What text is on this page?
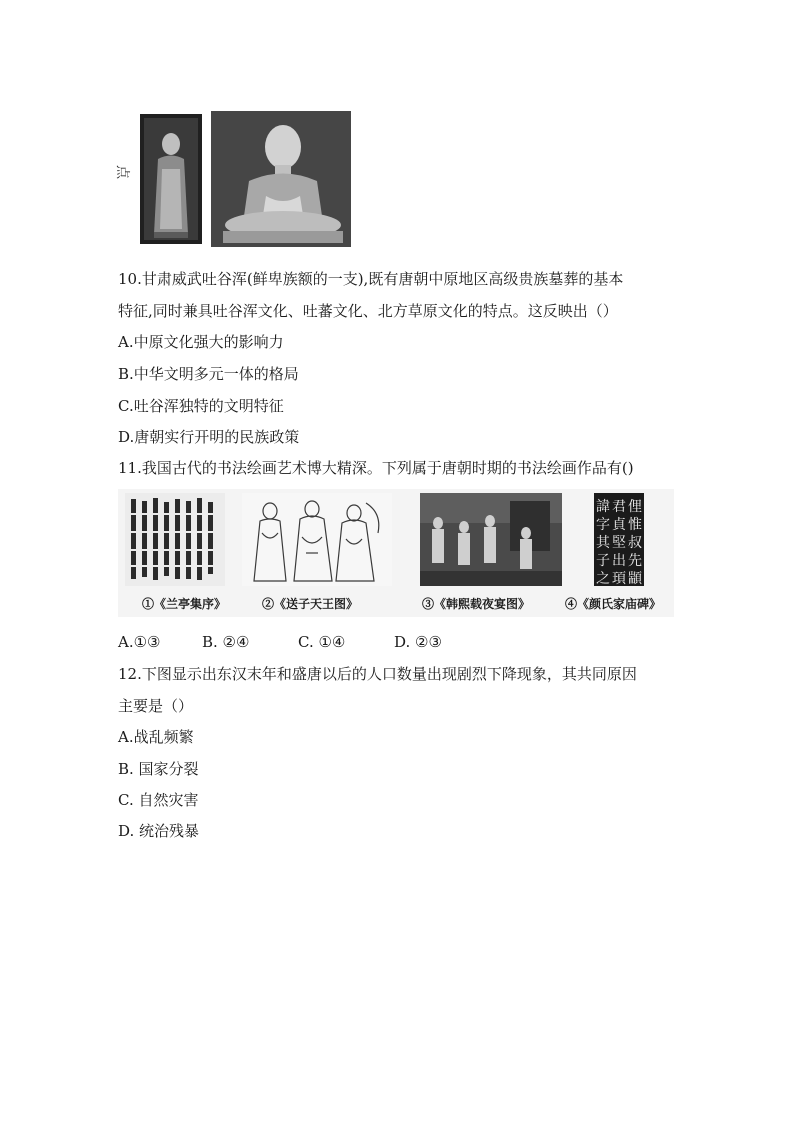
点
10.甘肃威武吐谷浑(鲜卑族额的一支),既有唐朝中原地区高级贵族墓葬的基本
特征,同时兼具吐谷浑文化、吐蕃文化、北方草原文化的特点。这反映出（）
A.中原文化强大的影响力
B.中华文明多元一体的格局
C.吐谷浑独特的文明特征
D.唐朝实行开明的民族政策
11.我国古代的书法绘画艺术博大精深。下列属于唐朝时期的书法绘画作品有()
俚
君
諱
惟
貞
字
叔
堅
其
先
出
子
顓
頊
之
①《兰亭集序》	②《送子天王图》	③《韩熙载夜宴图》	④《颜氏家庙碑》
A.①③	B. ②④	C. ①④	D. ②③
12.下图显示出东汉末年和盛唐以后的人口数量出现剧烈下降现象，其共同原因
主要是（）
A.战乱频繁
B. 国家分裂
C. 自然灾害
D. 统治残暴
